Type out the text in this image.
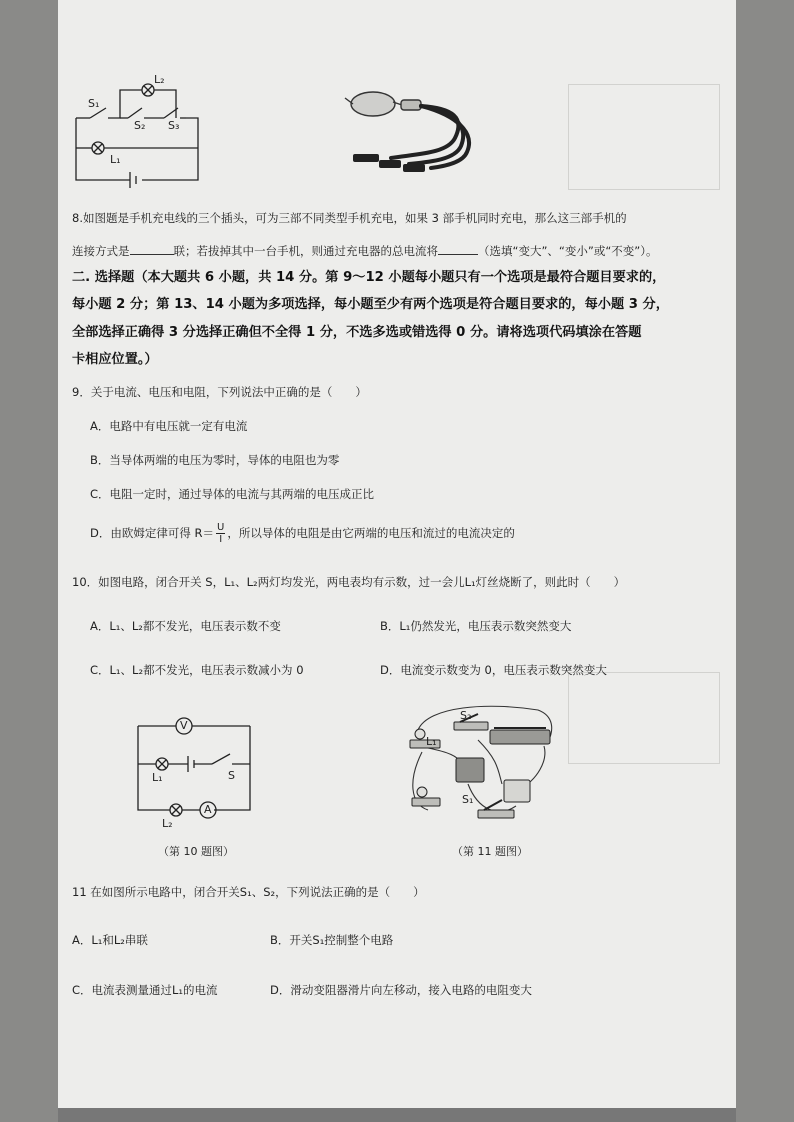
L₂
S₁
S₂ S₃
L₁
8.如图题是手机充电线的三个插头，可为三部不同类型手机充电，如果 3 部手机同时充电，那么这三部手机的
连接方式是	联；若拔掉其中一台手机，则通过充电器的总电流将	（选填“变大”、“变小”或“不变”）。
二. 选择题（本大题共 6 小题，共 14 分。第 9～12 小题每小题只有一个选项是最符合题目要求的，
每小题 2 分；第 13、14 小题为多项选择，每小题至少有两个选项是符合题目要求的，每小题 3 分，
全部选择正确得 3 分选择正确但不全得 1 分，不选多选或错选得 0 分。请将选项代码填涂在答题
卡相应位置。）
9．关于电流、电压和电阻，下列说法中正确的是（　　）
A．电路中有电压就一定有电流
B．当导体两端的电压为零时，导体的电阻也为零
C．电阻一定时，通过导体的电流与其两端的电压成正比
D．由欧姆定律可得 $R= \frac{U}{I}$ ，所以导体的电阻是由它两端的电压和流过的电流决定的
10．如图电路，闭合开关 S，L₁、L₂两灯均发光，两电表均有示数，过一会儿L₁灯丝烧断了，则此时（　　）
A．L₁、L₂都不发光，电压表示数不变	B．L₁仍然发光，电压表示数突然变大
C．L₁、L₂都不发光，电压表示数减小为 0	D．电流变示数变为 0，电压表示数突然变大
V
A
L₁
L₂
S
（第 10 题图）
S₂
L₁
S₁
（第 11 题图）
11 在如图所示电路中，闭合开关S₁、S₂，下列说法正确的是（　　）
A．L₁和L₂串联	B．开关S₁控制整个电路
C．电流表测量通过L₁的电流	D．滑动变阻器滑片向左移动，接入电路的电阻变大
